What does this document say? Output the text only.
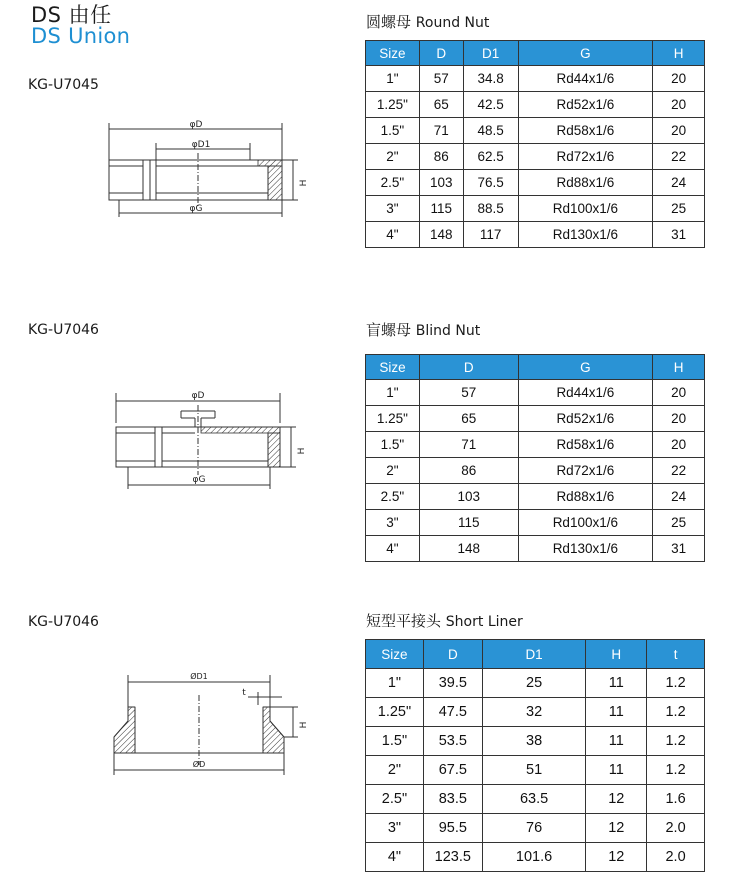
DS 由任
DS Union
KG-U7045
圆螺母 Round Nut
φD
φD1
φG
H
Size	D	D1	G	H
1"	57	34.8	Rd44x1/6	20
1.25"	65	42.5	Rd52x1/6	20
1.5"	71	48.5	Rd58x1/6	20
2"	86	62.5	Rd72x1/6	22
2.5"	103	76.5	Rd88x1/6	24
3"	115	88.5	Rd100x1/6	25
4"	148	117	Rd130x1/6	31
KG-U7046	盲螺母 Blind Nut
φD
φG
H
Size	D	G	H
1"	57	Rd44x1/6	20
1.25"	65	Rd52x1/6	20
1.5"	71	Rd58x1/6	20
2"	86	Rd72x1/6	22
2.5"	103	Rd88x1/6	24
3"	115	Rd100x1/6	25
4"	148	Rd130x1/6	31
KG-U7046	短型平接头 Short Liner
ØD1
t
ØD
H
Size	D	D1	H	t
1"	39.5	25	11	1.2
1.25"	47.5	32	11	1.2
1.5"	53.5	38	11	1.2
2"	67.5	51	11	1.2
2.5"	83.5	63.5	12	1.6
3"	95.5	76	12	2.0
4"	123.5	101.6	12	2.0
